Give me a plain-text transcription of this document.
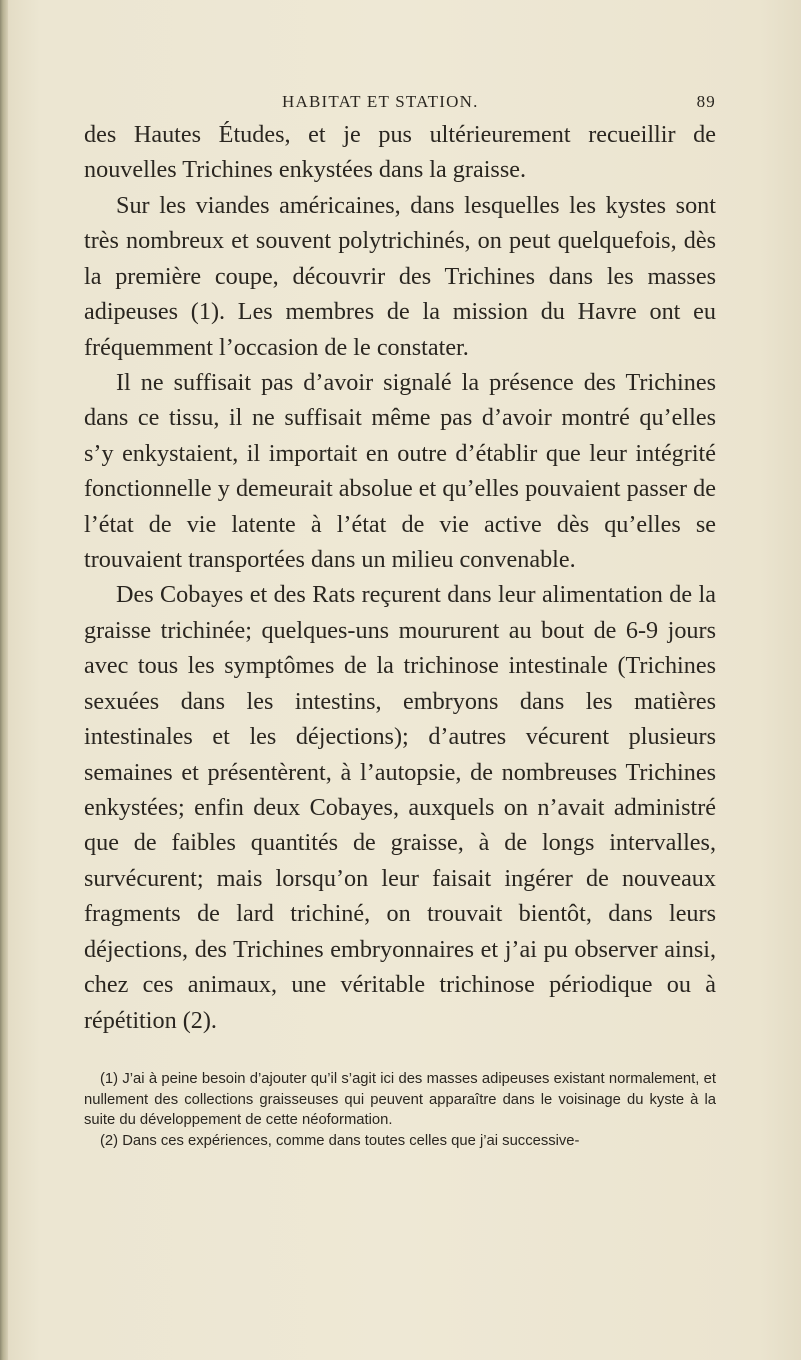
HABITAT ET STATION.	89

des Hautes Études, et je pus ultérieurement recueillir de nouvelles Trichines enkystées dans la graisse.

Sur les viandes américaines, dans lesquelles les kystes sont très nombreux et souvent polytrichinés, on peut quelquefois, dès la première coupe, découvrir des Trichines dans les masses adipeuses (1). Les membres de la mission du Havre ont eu fréquemment l’occasion de le constater.

Il ne suffisait pas d’avoir signalé la présence des Trichines dans ce tissu, il ne suffisait même pas d’avoir montré qu’elles s’y enkystaient, il importait en outre d’établir que leur intégrité fonctionnelle y demeurait absolue et qu’elles pouvaient passer de l’état de vie latente à l’état de vie active dès qu’elles se trouvaient transportées dans un milieu convenable.

Des Cobayes et des Rats reçurent dans leur alimentation de la graisse trichinée; quelques-uns moururent au bout de 6-9 jours avec tous les symptômes de la trichinose intestinale (Trichines sexuées dans les intestins, embryons dans les matières intestinales et les déjections); d’autres vécurent plusieurs semaines et présentèrent, à l’autopsie, de nombreuses Trichines enkystées; enfin deux Cobayes, auxquels on n’avait administré que de faibles quantités de graisse, à de longs intervalles, survécurent; mais lorsqu’on leur faisait ingérer de nouveaux fragments de lard trichiné, on trouvait bientôt, dans leurs déjections, des Trichines embryonnaires et j’ai pu observer ainsi, chez ces animaux, une véritable trichinose périodique ou à répétition (2).

(1) J’ai à peine besoin d’ajouter qu’il s’agit ici des masses adipeuses existant normalement, et nullement des collections graisseuses qui peuvent apparaître dans le voisinage du kyste à la suite du développement de cette néoformation.

(2) Dans ces expériences, comme dans toutes celles que j’ai successive-
